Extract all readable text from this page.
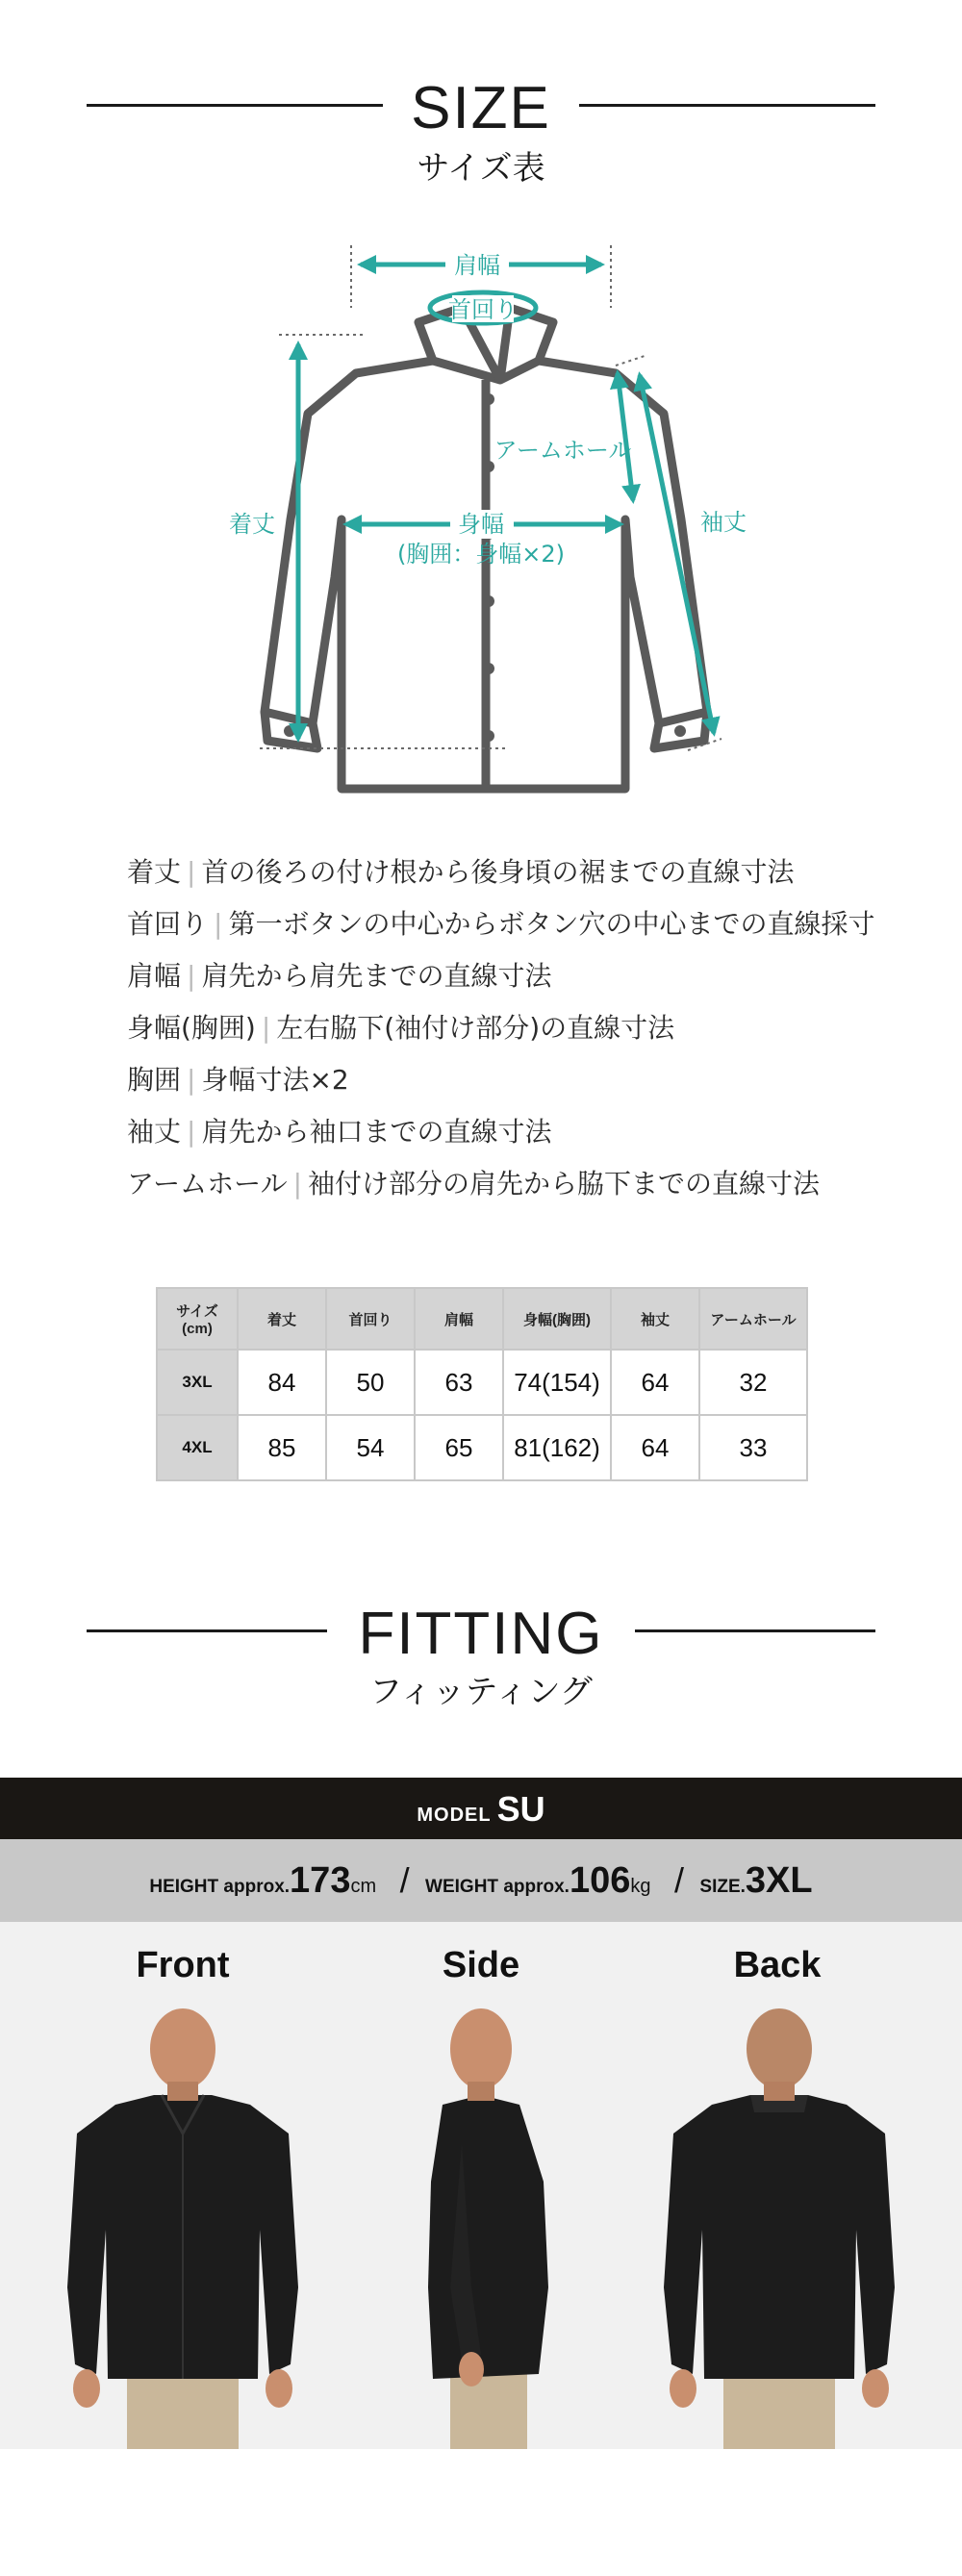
SIZE
サイズ表
肩幅
首回り
着丈
アームホール
身幅
(胸囲：身幅×2)
袖丈
着丈 | 首の後ろの付け根から後身頃の裾までの直線寸法
首回り | 第一ボタンの中心からボタン穴の中心までの直線採寸
肩幅 | 肩先から肩先までの直線寸法
身幅(胸囲) | 左右脇下(袖付け部分)の直線寸法
胸囲 | 身幅寸法×2
袖丈 | 肩先から袖口までの直線寸法
アームホール | 袖付け部分の肩先から脇下までの直線寸法
サイズ
(cm)	着丈	首回り	肩幅	身幅(胸囲)	袖丈	アームホール
3XL	84	50	63	74(154)	64	32
4XL	85	54	65	81(162)	64	33
FITTING
フィッティング
MODEL SU
HEIGHT approx.173cm / WEIGHT approx.106kg / SIZE.3XL
Front	Side	Back
